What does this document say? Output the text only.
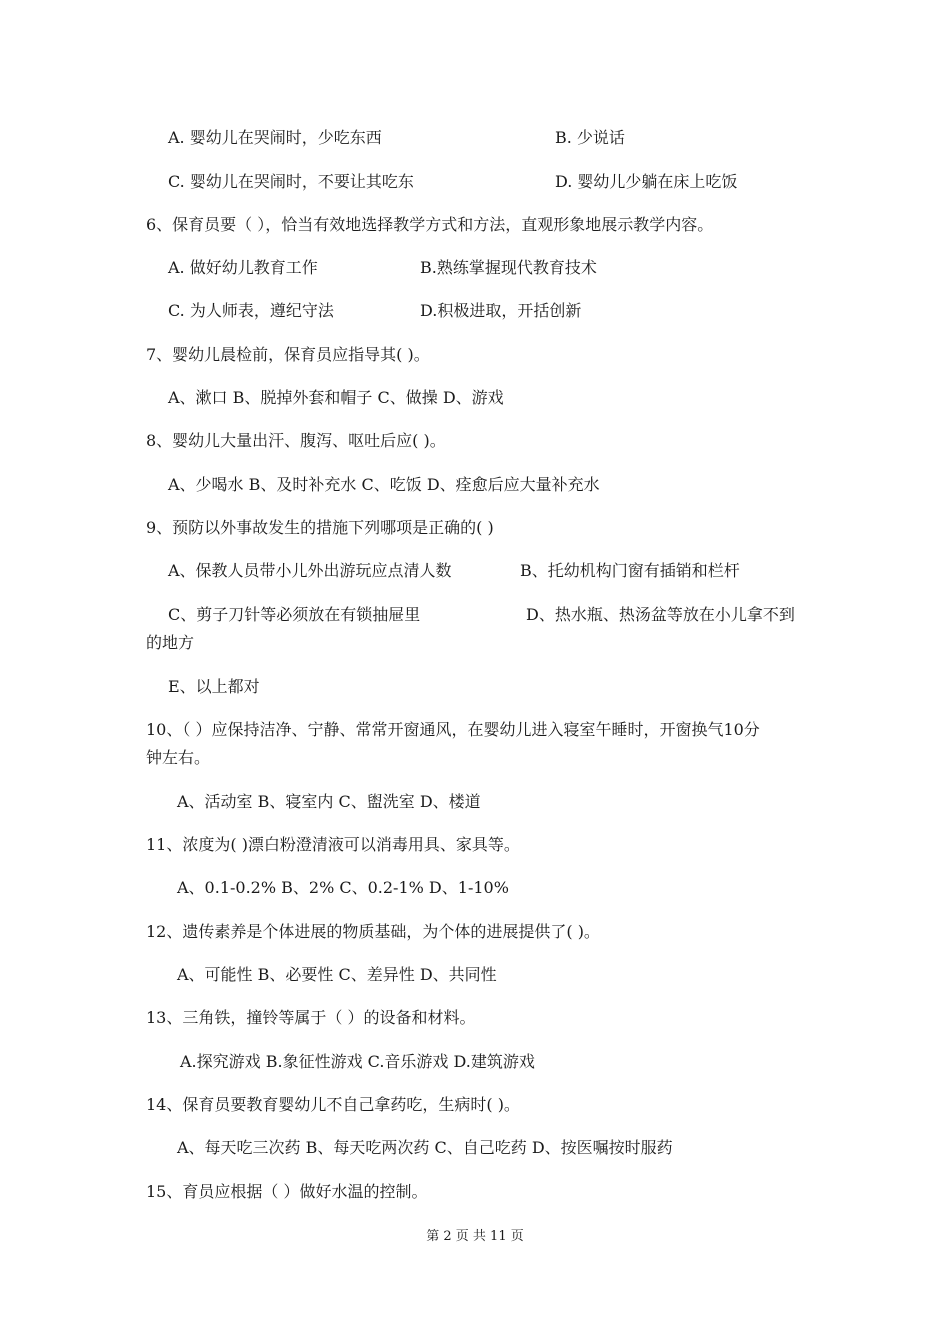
A. 婴幼儿在哭闹时，少吃东西	B. 少说话
C. 婴幼儿在哭闹时，不要让其吃东	D. 婴幼儿少躺在床上吃饭
6、保育员要（ ），恰当有效地选择教学方式和方法，直观形象地展示教学内容。
A. 做好幼儿教育工作	B.熟练掌握现代教育技术
C. 为人师表，遵纪守法	D.积极进取，开括创新
7、婴幼儿晨检前，保育员应指导其( )。
A、漱口 B、脱掉外套和帽子 C、做操 D、游戏
8、婴幼儿大量出汗、腹泻、呕吐后应( )。
A、少喝水 B、及时补充水 C、吃饭 D、痊愈后应大量补充水
9、预防以外事故发生的措施下列哪项是正确的( )
A、保教人员带小儿外出游玩应点清人数	B、托幼机构门窗有插销和栏杆
C、剪子刀针等必须放在有锁抽屉里	D、热水瓶、热汤盆等放在小儿拿不到
的地方
E、以上都对
10、（ ）应保持洁净、宁静、常常开窗通风，在婴幼儿进入寝室午睡时，开窗换气10分
钟左右。
A、活动室 B、寝室内 C、盥洗室 D、楼道
11、浓度为( )漂白粉澄清液可以消毒用具、家具等。
A、0.1-0.2% B、2% C、0.2-1% D、1-10%
12、遗传素养是个体进展的物质基础，为个体的进展提供了( )。
A、可能性 B、必要性 C、差异性 D、共同性
13、三角铁，撞铃等属于（ ）的设备和材料。
A.探究游戏 B.象征性游戏 C.音乐游戏 D.建筑游戏
14、保育员要教育婴幼儿不自己拿药吃，生病时( )。
A、每天吃三次药 B、每天吃两次药 C、自己吃药 D、按医嘱按时服药
15、育员应根据（ ）做好水温的控制。
第 2 页 共 11 页
